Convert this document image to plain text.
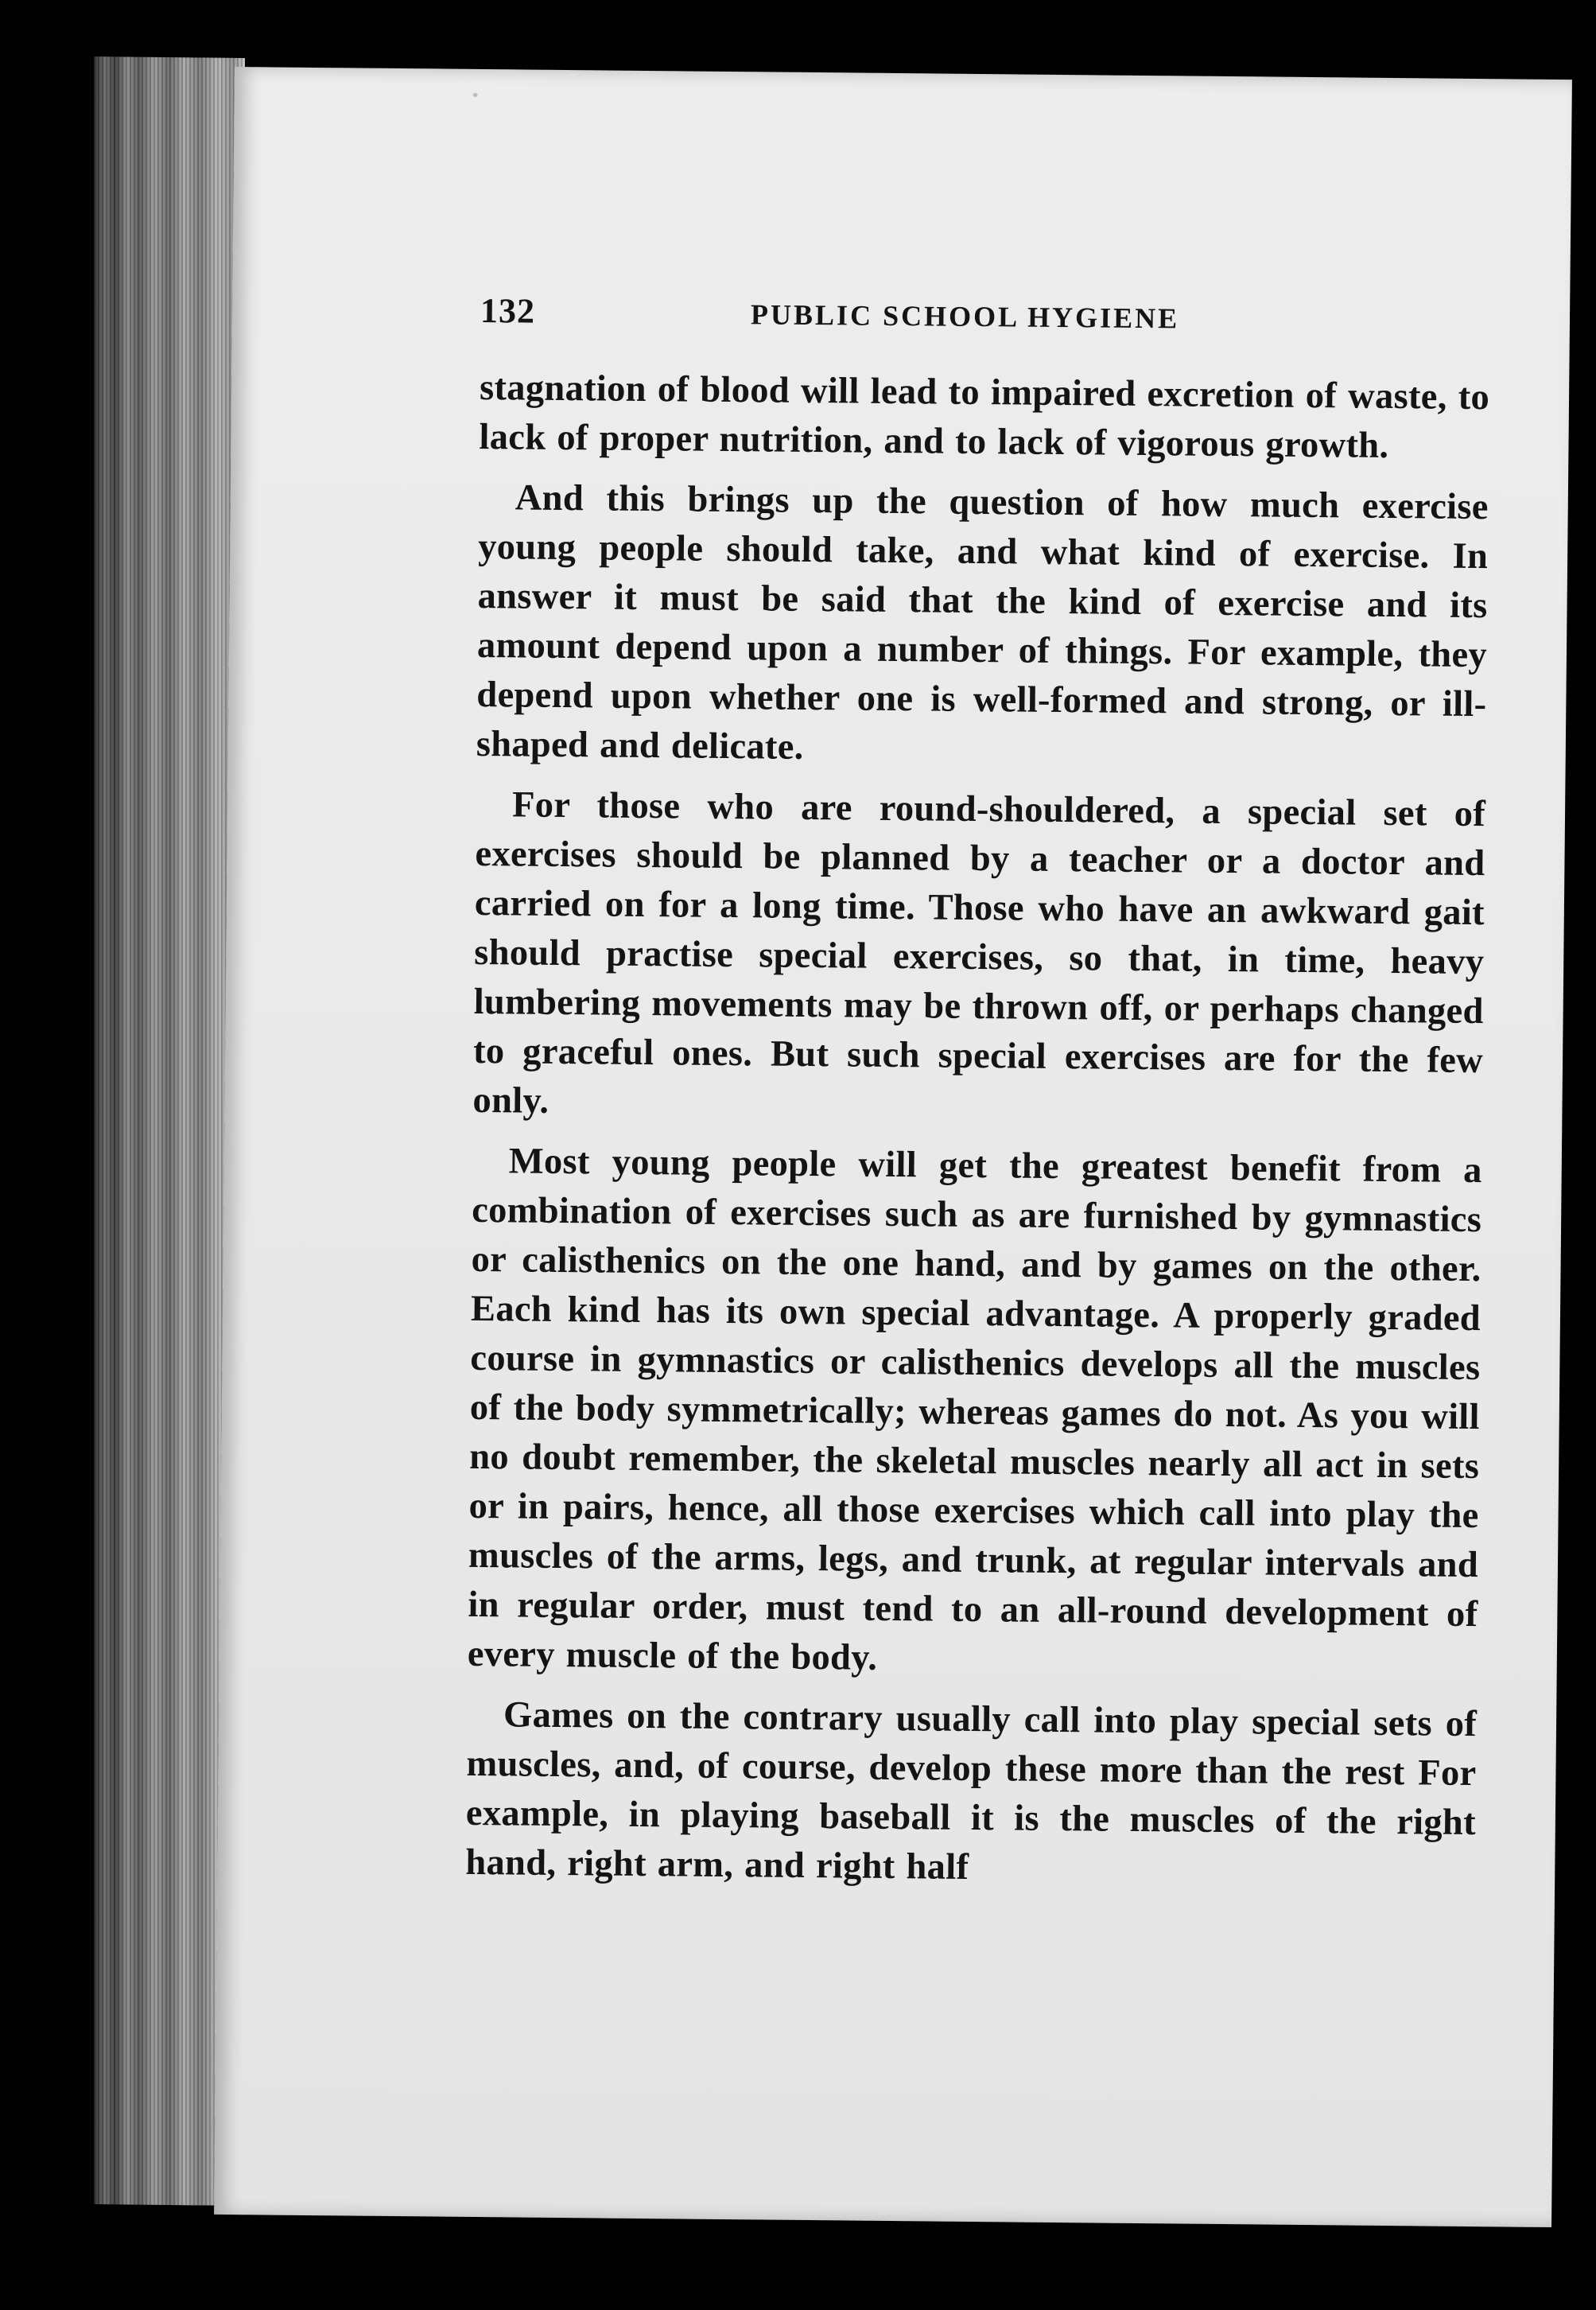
132	PUBLIC SCHOOL HYGIENE

stagnation of blood will lead to impaired excretion of waste, to lack of proper nutrition, and to lack of vigorous growth.

And this brings up the question of how much exercise young people should take, and what kind of exercise. In answer it must be said that the kind of exercise and its amount depend upon a number of things. For example, they depend upon whether one is well-formed and strong, or ill-shaped and delicate.

For those who are round-shouldered, a special set of exercises should be planned by a teacher or a doctor and carried on for a long time. Those who have an awkward gait should practise special exercises, so that, in time, heavy lumbering movements may be thrown off, or perhaps changed to graceful ones. But such special exercises are for the few only.

Most young people will get the greatest benefit from a combination of exercises such as are furnished by gymnastics or calisthenics on the one hand, and by games on the other. Each kind has its own special advantage. A properly graded course in gymnastics or calisthenics develops all the muscles of the body symmetrically; whereas games do not. As you will no doubt remember, the skeletal muscles nearly all act in sets or in pairs, hence, all those exercises which call into play the muscles of the arms, legs, and trunk, at regular intervals and in regular order, must tend to an all-round development of every muscle of the body.

Games on the contrary usually call into play special sets of muscles, and, of course, develop these more than the rest For example, in playing baseball it is the muscles of the right hand, right arm, and right half
